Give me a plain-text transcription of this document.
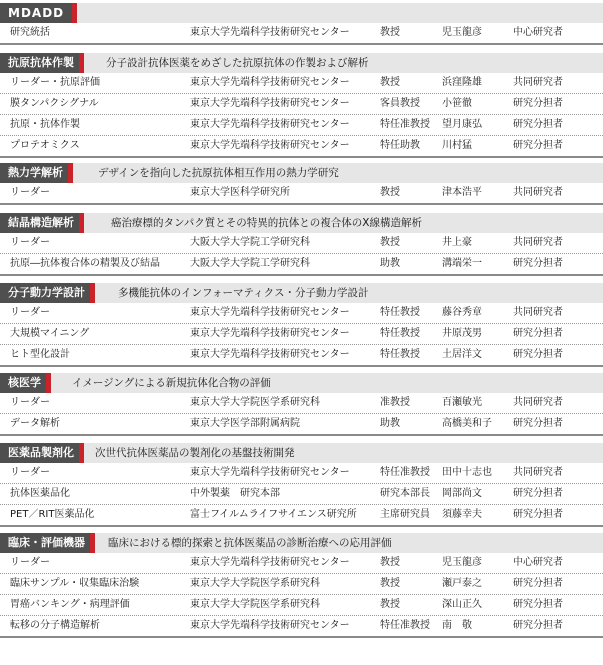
MDADD
研究統括	東京大学先端科学技術研究センター	教授	児玉龍彦	中心研究者
抗原抗体作製	分子設計抗体医薬をめざした抗原抗体の作製および解析
リーダー・抗原評価	東京大学先端科学技術研究センター	教授	浜窪隆雄	共同研究者
膜タンパクシグナル	東京大学先端科学技術研究センター	客員教授	小笹徹	研究分担者
抗原・抗体作製	東京大学先端科学技術研究センター	特任准教授	望月康弘	研究分担者
プロテオミクス	東京大学先端科学技術研究センター	特任助教	川村猛	研究分担者
熱力学解析	デザインを指向した抗原抗体相互作用の熱力学研究
リーダー	東京大学医科学研究所	教授	津本浩平	共同研究者
結晶構造解析	癌治療標的タンパク質とその特異的抗体との複合体のX線構造解析
リーダー	大阪大学大学院工学研究科	教授	井上豪	共同研究者
抗原―抗体複合体の精製及び結晶	大阪大学大学院工学研究科	助教	溝端栄一	研究分担者
分子動力学設計	多機能抗体のインフォーマティクス・分子動力学設計
リーダー	東京大学先端科学技術研究センター	特任教授	藤谷秀章	共同研究者
大規模マイニング	東京大学先端科学技術研究センター	特任教授	井原茂男	研究分担者
ヒト型化設計	東京大学先端科学技術研究センター	特任教授	土居洋文	研究分担者
核医学	イメージングによる新規抗体化合物の評価
リーダー	東京大学大学院医学系研究科	准教授	百瀬敏光	共同研究者
データ解析	東京大学医学部附属病院	助教	高橋美和子	研究分担者
医薬品製剤化	次世代抗体医薬品の製剤化の基盤技術開発
リーダー	東京大学先端科学技術研究センター	特任准教授	田中十志也	共同研究者
抗体医薬品化	中外製薬　研究本部	研究本部長	岡部尚文	研究分担者
PET／RIT医薬品化	富士フイルムライフサイエンス研究所	主席研究員	須藤幸夫	研究分担者
臨床・評価機器	臨床における標的探索と抗体医薬品の診断治療への応用評価
リーダー	東京大学先端科学技術研究センター	教授	児玉龍彦	中心研究者
臨床サンプル・収集臨床治験	東京大学大学院医学系研究科	教授	瀬戸泰之	研究分担者
胃癌バンキング・病理評価	東京大学大学院医学系研究科	教授	深山正久	研究分担者
転移の分子構造解析	東京大学先端科学技術研究センター	特任准教授	南　敬	研究分担者
